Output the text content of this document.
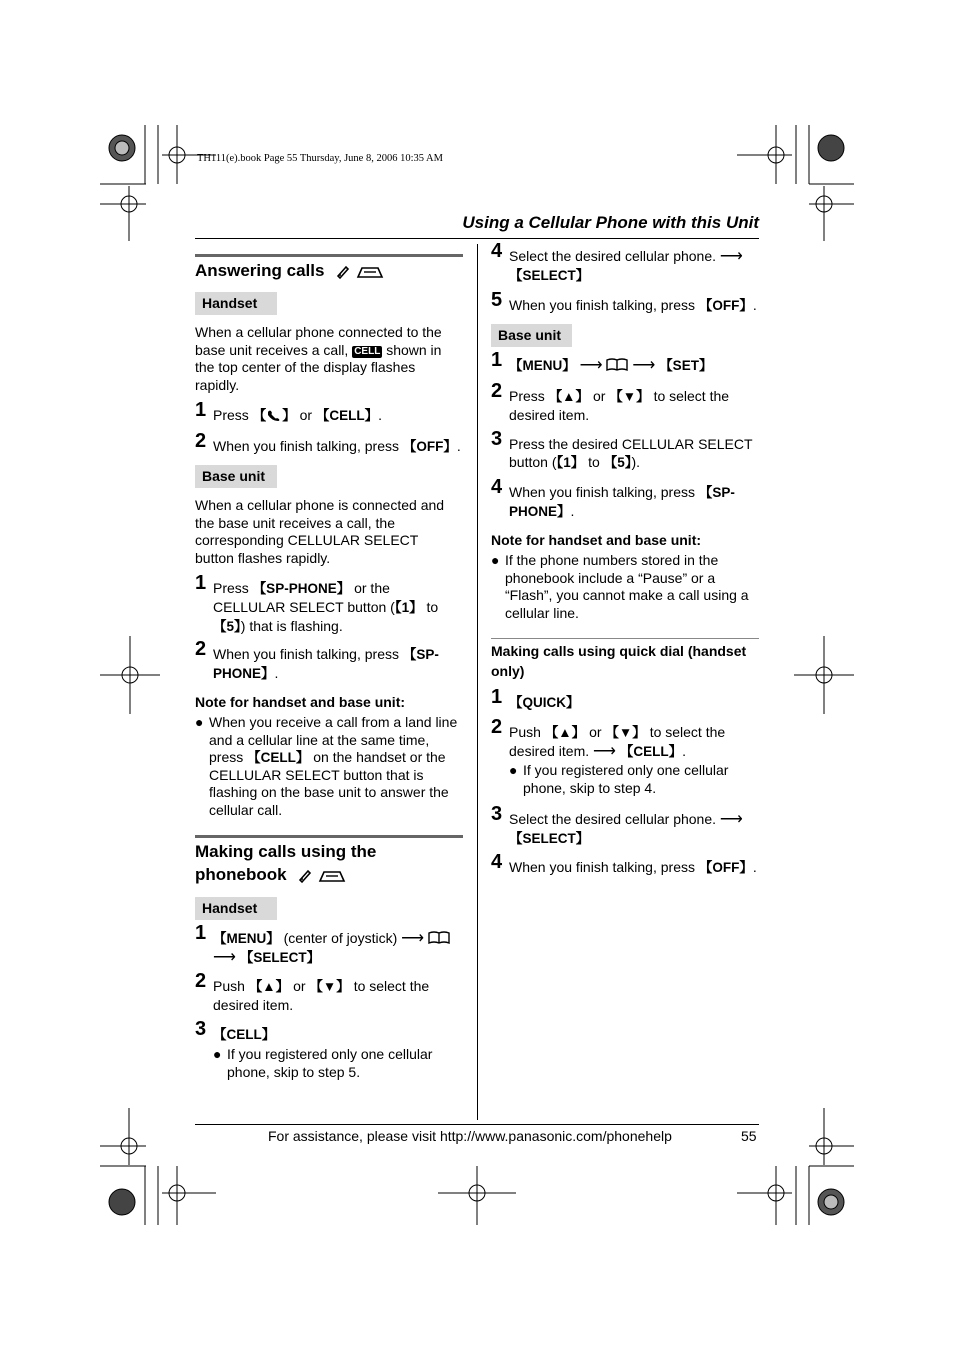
TH111(e).book Page 55 Thursday, June 8, 2006 10:35 AM
Using a Cellular Phone with this Unit
Answering calls
Handset
When a cellular phone connected to the base unit receives a call, CELL shown in the top center of the display flashes rapidly.
1 Press 【 】 or 【CELL】.
2 When you finish talking, press 【OFF】.
Base unit
When a cellular phone is connected and the base unit receives a call, the corresponding CELLULAR SELECT button flashes rapidly.
1 Press 【SP-PHONE】 or the CELLULAR SELECT button (【1】 to 【5】) that is flashing.
2 When you finish talking, press 【SP-PHONE】.
Note for handset and base unit:
● When you receive a call from a land line and a cellular line at the same time, press 【CELL】 on the handset or the CELLULAR SELECT button that is flashing on the base unit to answer the cellular call.
Making calls using the
phonebook
Handset
1 【MENU】 (center of joystick) ⟶
⟶ 【SELECT】
2 Push 【▲】 or 【▼】 to select the desired item.
3 【CELL】
● If you registered only one cellular phone, skip to step 5.
4 Select the desired cellular phone. ⟶
【SELECT】
5 When you finish talking, press 【OFF】.
Base unit
1 【MENU】 ⟶ ⟶ 【SET】
2 Press 【▲】 or 【▼】 to select the desired item.
3 Press the desired CELLULAR SELECT button (【1】 to 【5】).
4 When you finish talking, press 【SP-PHONE】.
Note for handset and base unit:
● If the phone numbers stored in the phonebook include a “Pause” or a “Flash”, you cannot make a call using a cellular line.
Making calls using quick dial (handset only)
1 【QUICK】
2 Push 【▲】 or 【▼】 to select the desired item. ⟶ 【CELL】.
● If you registered only one cellular phone, skip to step 4.
3 Select the desired cellular phone. ⟶
【SELECT】
4 When you finish talking, press 【OFF】.
For assistance, please visit http://www.panasonic.com/phonehelp	55
